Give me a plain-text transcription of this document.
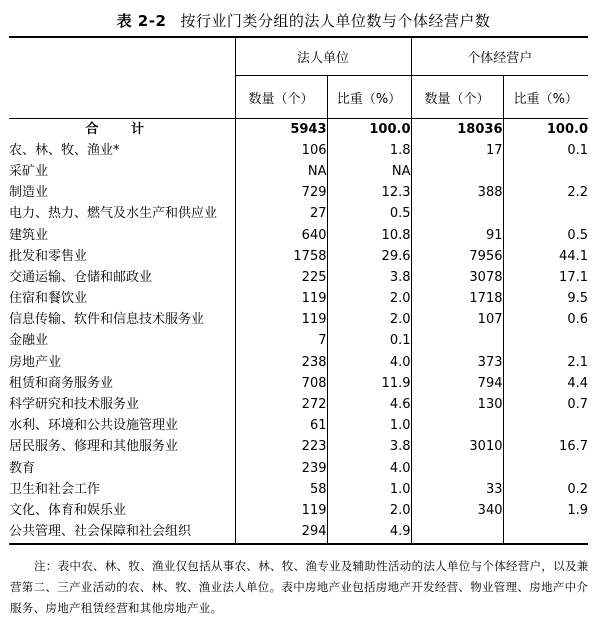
表 2-2 按行业门类分组的法人单位数与个体经营户数

	法人单位		个体经营户	
	数量（个）	比重（%）	数量（个）	比重（%）
合 计	5943	100.0	18036	100.0
农、林、牧、渔业*	106	1.8	17	0.1
采矿业	NA	NA		
制造业	729	12.3	388	2.2
电力、热力、燃气及水生产和供应业	27	0.5		
建筑业	640	10.8	91	0.5
批发和零售业	1758	29.6	7956	44.1
交通运输、仓储和邮政业	225	3.8	3078	17.1
住宿和餐饮业	119	2.0	1718	9.5
信息传输、软件和信息技术服务业	119	2.0	107	0.6
金融业	7	0.1		
房地产业	238	4.0	373	2.1
租赁和商务服务业	708	11.9	794	4.4
科学研究和技术服务业	272	4.6	130	0.7
水利、环境和公共设施管理业	61	1.0		
居民服务、修理和其他服务业	223	3.8	3010	16.7
教育	239	4.0		
卫生和社会工作	58	1.0	33	0.2
文化、体育和娱乐业	119	2.0	340	1.9
公共管理、社会保障和社会组织	294	4.9		
注：表中农、林、牧、渔业仅包括从事农、林、牧、渔专业及辅助性活动的法人单位与个体经营户，以及兼营第二、三产业活动的农、林、牧、渔业法人单位。表中房地产业包括房地产开发经营、物业管理、房地产中介服务、房地产租赁经营和其他房地产业。
